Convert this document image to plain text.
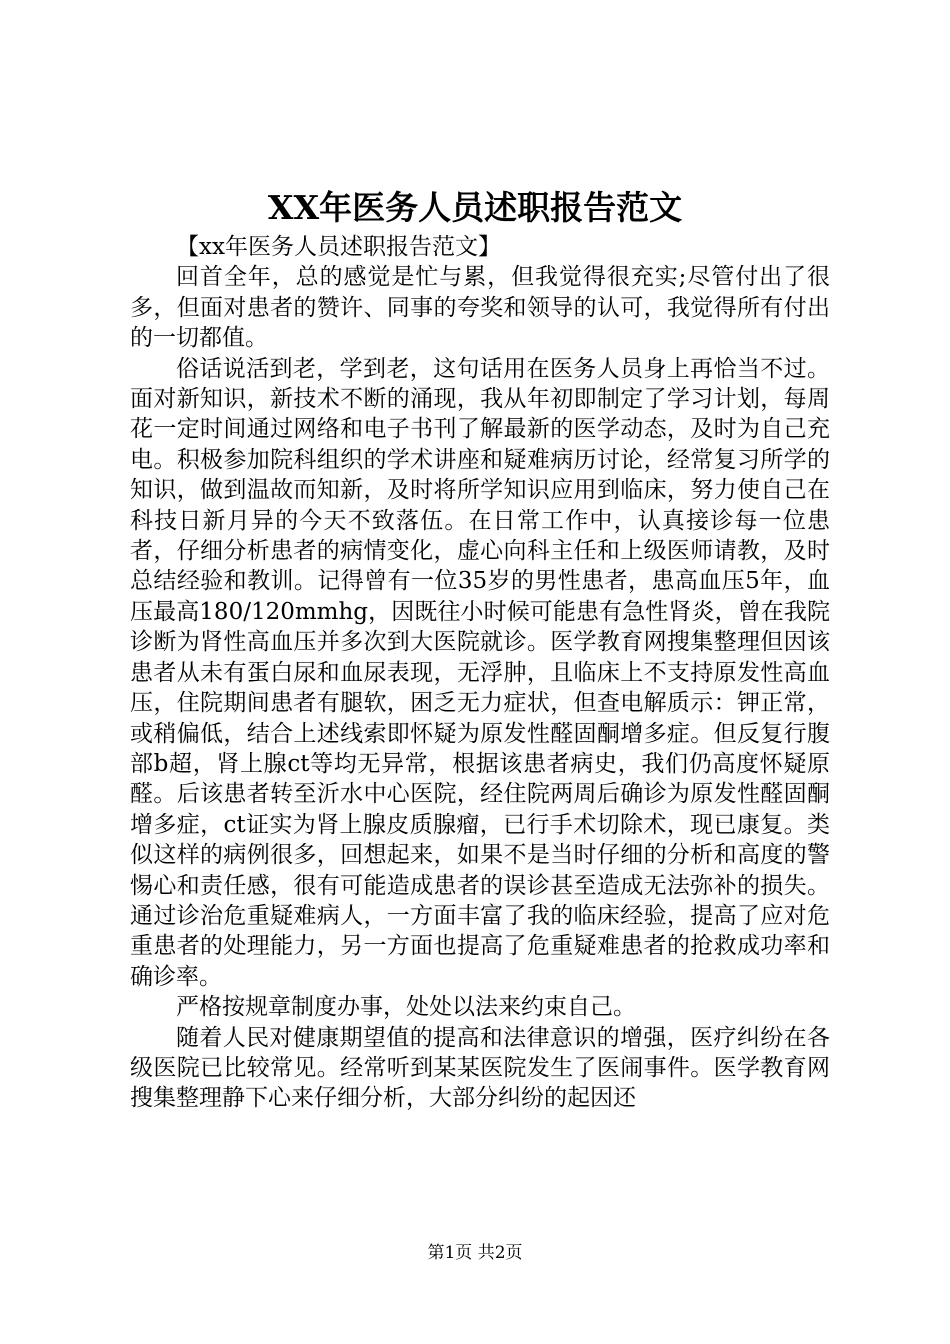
XX年医务人员述职报告范文

【xx年医务人员述职报告范文】

回首全年，总的感觉是忙与累，但我觉得很充实;尽管付出了很多，但面对患者的赞许、同事的夸奖和领导的认可，我觉得所有付出的一切都值。

俗话说活到老，学到老，这句话用在医务人员身上再恰当不过。面对新知识，新技术不断的涌现，我从年初即制定了学习计划，每周花一定时间通过网络和电子书刊了解最新的医学动态，及时为自己充电。积极参加院科组织的学术讲座和疑难病历讨论，经常复习所学的知识，做到温故而知新，及时将所学知识应用到临床，努力使自己在科技日新月异的今天不致落伍。在日常工作中，认真接诊每一位患者，仔细分析患者的病情变化，虚心向科主任和上级医师请教，及时总结经验和教训。记得曾有一位35岁的男性患者，患高血压5年，血压最高180/120mmhg，因既往小时候可能患有急性肾炎，曾在我院诊断为肾性高血压并多次到大医院就诊。医学教育网搜集整理但因该患者从未有蛋白尿和血尿表现，无浮肿，且临床上不支持原发性高血压，住院期间患者有腿软，困乏无力症状，但查电解质示：钾正常，或稍偏低，结合上述线索即怀疑为原发性醛固酮增多症。但反复行腹部b超，肾上腺ct等均无异常，根据该患者病史，我们仍高度怀疑原醛。后该患者转至沂水中心医院，经住院两周后确诊为原发性醛固酮增多症，ct证实为肾上腺皮质腺瘤，已行手术切除术，现已康复。类似这样的病例很多，回想起来，如果不是当时仔细的分析和高度的警惕心和责任感，很有可能造成患者的误诊甚至造成无法弥补的损失。通过诊治危重疑难病人，一方面丰富了我的临床经验，提高了应对危重患者的处理能力，另一方面也提高了危重疑难患者的抢救成功率和确诊率。

严格按规章制度办事，处处以法来约束自己。

随着人民对健康期望值的提高和法律意识的增强，医疗纠纷在各级医院已比较常见。经常听到某某医院发生了医闹事件。医学教育网搜集整理静下心来仔细分析，大部分纠纷的起因还

第1页 共2页
